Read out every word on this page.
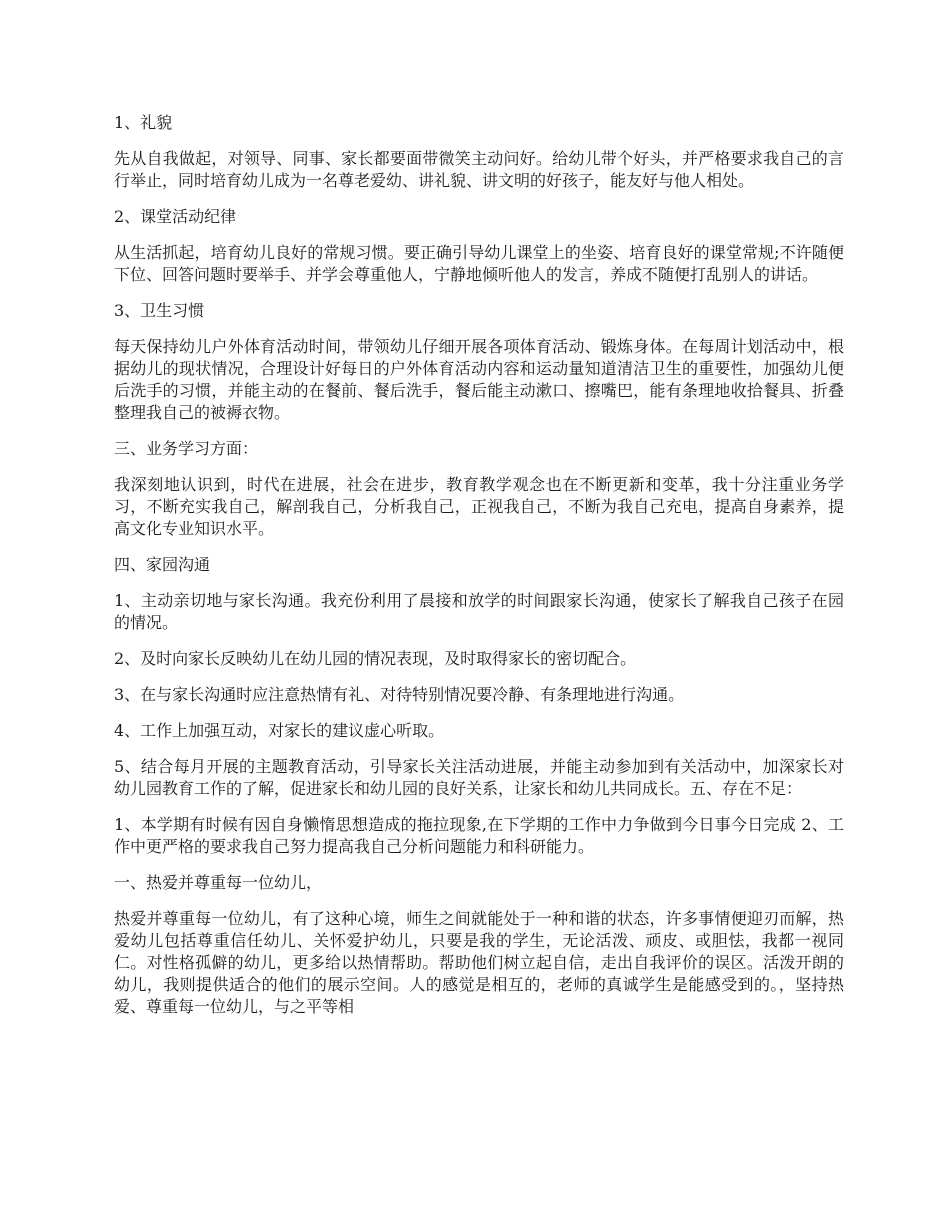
1、礼貌

先从自我做起，对领导、同事、家长都要面带微笑主动问好。给幼儿带个好头，并严格要求我自己的言行举止，同时培育幼儿成为一名尊老爱幼、讲礼貌、讲文明的好孩子，能友好与他人相处。

2、课堂活动纪律

从生活抓起，培育幼儿良好的常规习惯。要正确引导幼儿课堂上的坐姿、培育良好的课堂常规;不许随便下位、回答问题时要举手、并学会尊重他人，宁静地倾听他人的发言，养成不随便打乱别人的讲话。

3、卫生习惯

每天保持幼儿户外体育活动时间，带领幼儿仔细开展各项体育活动、锻炼身体。在每周计划活动中，根据幼儿的现状情况，合理设计好每日的户外体育活动内容和运动量知道清洁卫生的重要性，加强幼儿便后洗手的习惯，并能主动的在餐前、餐后洗手，餐后能主动漱口、擦嘴巴，能有条理地收拾餐具、折叠整理我自己的被褥衣物。

三、业务学习方面：

我深刻地认识到，时代在进展，社会在进步，教育教学观念也在不断更新和变革，我十分注重业务学习，不断充实我自己，解剖我自己，分析我自己，正视我自己，不断为我自己充电，提高自身素养，提高文化专业知识水平。

四、家园沟通

1、主动亲切地与家长沟通。我充份利用了晨接和放学的时间跟家长沟通，使家长了解我自己孩子在园的情况。

2、及时向家长反映幼儿在幼儿园的情况表现，及时取得家长的密切配合。

3、在与家长沟通时应注意热情有礼、对待特别情况要冷静、有条理地进行沟通。

4、工作上加强互动，对家长的建议虚心听取。

5、结合每月开展的主题教育活动，引导家长关注活动进展，并能主动参加到有关活动中，加深家长对幼儿园教育工作的了解，促进家长和幼儿园的良好关系，让家长和幼儿共同成长。五、存在不足：

1、本学期有时候有因自身懒惰思想造成的拖拉现象,在下学期的工作中力争做到今日事今日完成 2、工作中更严格的要求我自己努力提高我自己分析问题能力和科研能力。

一、热爱并尊重每一位幼儿，

热爱并尊重每一位幼儿，有了这种心境，师生之间就能处于一种和谐的状态，许多事情便迎刃而解，热爱幼儿包括尊重信任幼儿、关怀爱护幼儿，只要是我的学生，无论活泼、顽皮、或胆怯，我都一视同仁。对性格孤僻的幼儿，更多给以热情帮助。帮助他们树立起自信，走出自我评价的误区。活泼开朗的幼儿，我则提供适合的他们的展示空间。人的感觉是相互的，老师的真诚学生是能感受到的。，坚持热爱、尊重每一位幼儿，与之平等相
